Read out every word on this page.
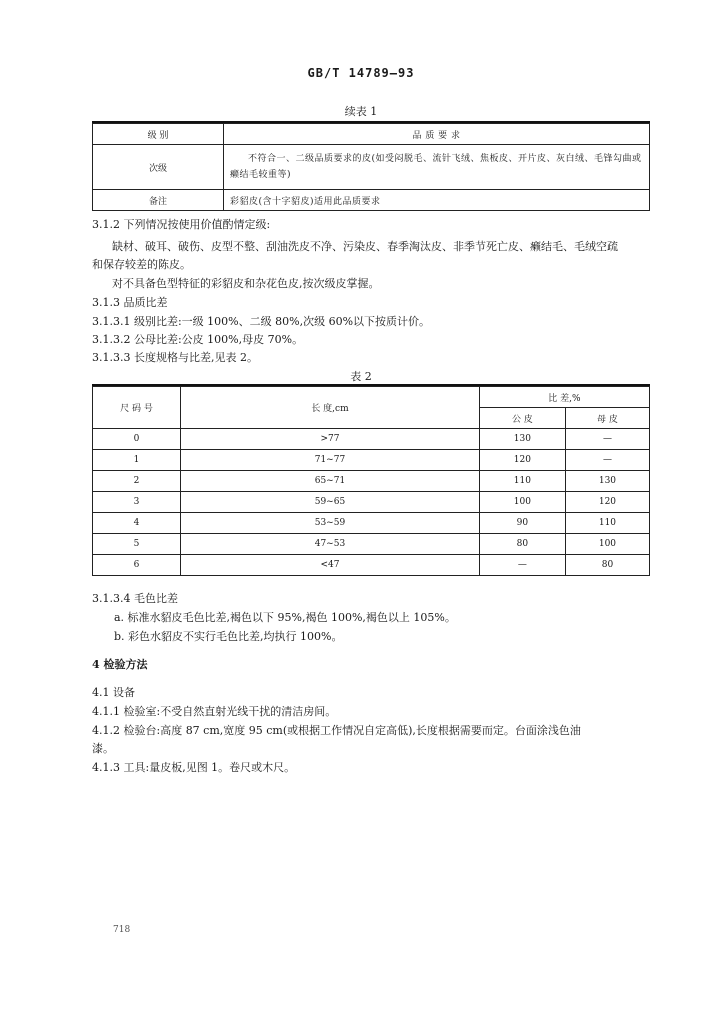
GB/T 14789—93
续表 1
级 别	品 质 要 求
次级	不符合一、二级品质要求的皮(如受闷脱毛、流针飞绒、焦板皮、开片皮、灰白绒、毛锋勾曲或癞结毛较重等)
备注	彩貂皮(含十字貂皮)适用此品质要求

3.1.2 下列情况按使用价值酌情定级:

缺材、破耳、破伤、皮型不整、刮油洗皮不净、污染皮、春季淘汰皮、非季节死亡皮、癞结毛、毛绒空疏

和保存较差的陈皮。

对不具备色型特征的彩貂皮和杂花色皮,按次级皮掌握。

3.1.3 品质比差

3.1.3.1 级别比差:一级 100%、二级 80%,次级 60%以下按质计价。

3.1.3.2 公母比差:公皮 100%,母皮 70%。

3.1.3.3 长度规格与比差,见表 2。

表 2
尺 码 号	长 度,cm	比 差,%	
		公 皮	母 皮
0	>77	130	—
1	71~77	120	—
2	65~71	110	130
3	59~65	100	120
4	53~59	90	110
5	47~53	80	100
6	<47	—	80

3.1.3.4 毛色比差

a. 标准水貂皮毛色比差,褐色以下 95%,褐色 100%,褐色以上 105%。

b. 彩色水貂皮不实行毛色比差,均执行 100%。

4 检验方法

4.1 设备

4.1.1 检验室:不受自然直射光线干扰的清洁房间。

4.1.2 检验台:高度 87 cm,宽度 95 cm(或根据工作情况自定高低),长度根据需要而定。台面涂浅色油

漆。

4.1.3 工具:量皮板,见图 1。卷尺或木尺。

718
